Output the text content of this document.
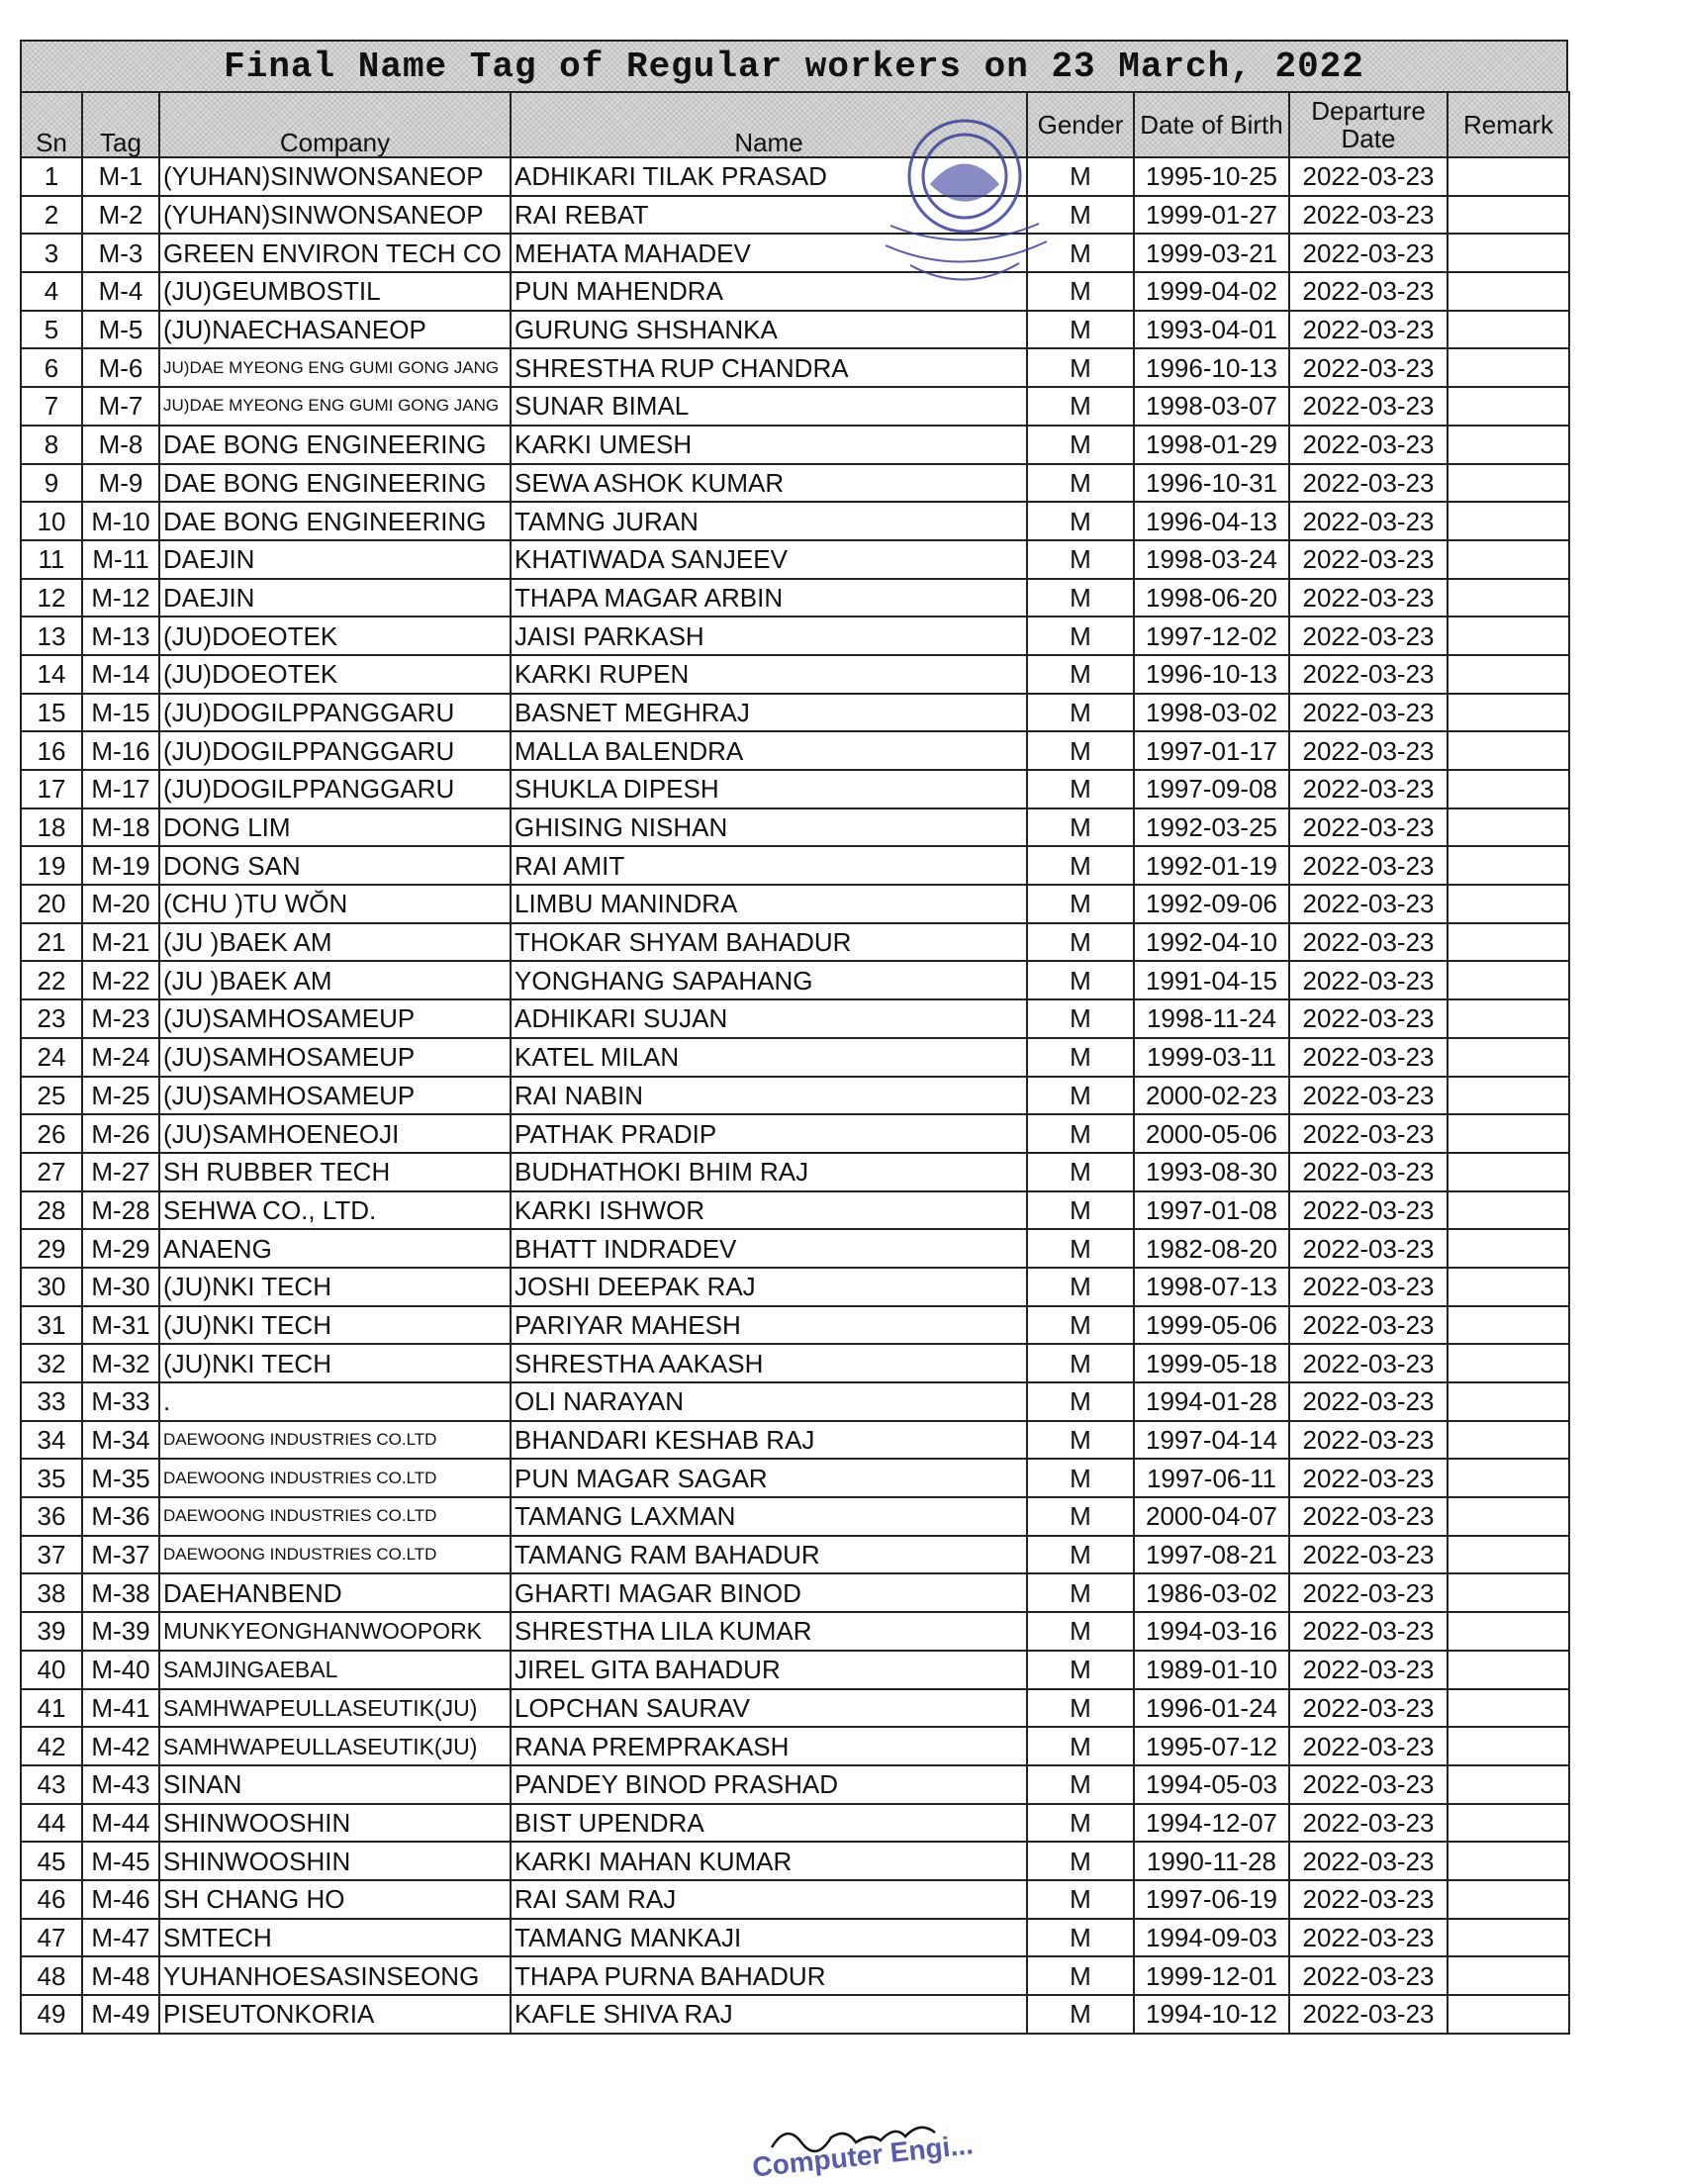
Final Name Tag of Regular workers on 23 March, 2022
Sn	Tag	Company	Name	Gender	Date of Birth	Departure Date	Remark
1	M-1	(YUHAN)SINWONSANEOP	ADHIKARI TILAK PRASAD	M	1995-10-25	2022-03-23	
2	M-2	(YUHAN)SINWONSANEOP	RAI REBAT	M	1999-01-27	2022-03-23	
3	M-3	GREEN ENVIRON TECH CO	MEHATA MAHADEV	M	1999-03-21	2022-03-23	
4	M-4	(JU)GEUMBOSTIL	PUN MAHENDRA	M	1999-04-02	2022-03-23	
5	M-5	(JU)NAECHASANEOP	GURUNG SHSHANKA	M	1993-04-01	2022-03-23	
6	M-6	JU)DAE MYEONG ENG GUMI GONG JANG	SHRESTHA RUP CHANDRA	M	1996-10-13	2022-03-23	
7	M-7	JU)DAE MYEONG ENG GUMI GONG JANG	SUNAR BIMAL	M	1998-03-07	2022-03-23	
8	M-8	DAE BONG ENGINEERING	KARKI UMESH	M	1998-01-29	2022-03-23	
9	M-9	DAE BONG ENGINEERING	SEWA ASHOK KUMAR	M	1996-10-31	2022-03-23	
10	M-10	DAE BONG ENGINEERING	TAMNG JURAN	M	1996-04-13	2022-03-23	
11	M-11	DAEJIN	KHATIWADA SANJEEV	M	1998-03-24	2022-03-23	
12	M-12	DAEJIN	THAPA MAGAR ARBIN	M	1998-06-20	2022-03-23	
13	M-13	(JU)DOEOTEK	JAISI PARKASH	M	1997-12-02	2022-03-23	
14	M-14	(JU)DOEOTEK	KARKI RUPEN	M	1996-10-13	2022-03-23	
15	M-15	(JU)DOGILPPANGGARU	BASNET MEGHRAJ	M	1998-03-02	2022-03-23	
16	M-16	(JU)DOGILPPANGGARU	MALLA BALENDRA	M	1997-01-17	2022-03-23	
17	M-17	(JU)DOGILPPANGGARU	SHUKLA DIPESH	M	1997-09-08	2022-03-23	
18	M-18	DONG LIM	GHISING NISHAN	M	1992-03-25	2022-03-23	
19	M-19	DONG SAN	RAI AMIT	M	1992-01-19	2022-03-23	
20	M-20	(CHU )TU WŎN	LIMBU MANINDRA	M	1992-09-06	2022-03-23	
21	M-21	(JU )BAEK AM	THOKAR SHYAM BAHADUR	M	1992-04-10	2022-03-23	
22	M-22	(JU )BAEK AM	YONGHANG SAPAHANG	M	1991-04-15	2022-03-23	
23	M-23	(JU)SAMHOSAMEUP	ADHIKARI SUJAN	M	1998-11-24	2022-03-23	
24	M-24	(JU)SAMHOSAMEUP	KATEL MILAN	M	1999-03-11	2022-03-23	
25	M-25	(JU)SAMHOSAMEUP	RAI NABIN	M	2000-02-23	2022-03-23	
26	M-26	(JU)SAMHOENEOJI	PATHAK PRADIP	M	2000-05-06	2022-03-23	
27	M-27	SH RUBBER TECH	BUDHATHOKI BHIM RAJ	M	1993-08-30	2022-03-23	
28	M-28	SEHWA CO., LTD.	KARKI ISHWOR	M	1997-01-08	2022-03-23	
29	M-29	ANAENG	BHATT INDRADEV	M	1982-08-20	2022-03-23	
30	M-30	(JU)NKI TECH	JOSHI DEEPAK RAJ	M	1998-07-13	2022-03-23	
31	M-31	(JU)NKI TECH	PARIYAR MAHESH	M	1999-05-06	2022-03-23	
32	M-32	(JU)NKI TECH	SHRESTHA AAKASH	M	1999-05-18	2022-03-23	
33	M-33	.	OLI NARAYAN	M	1994-01-28	2022-03-23	
34	M-34	DAEWOONG INDUSTRIES CO.LTD	BHANDARI KESHAB RAJ	M	1997-04-14	2022-03-23	
35	M-35	DAEWOONG INDUSTRIES CO.LTD	PUN MAGAR SAGAR	M	1997-06-11	2022-03-23	
36	M-36	DAEWOONG INDUSTRIES CO.LTD	TAMANG LAXMAN	M	2000-04-07	2022-03-23	
37	M-37	DAEWOONG INDUSTRIES CO.LTD	TAMANG RAM BAHADUR	M	1997-08-21	2022-03-23	
38	M-38	DAEHANBEND	GHARTI MAGAR BINOD	M	1986-03-02	2022-03-23	
39	M-39	MUNKYEONGHANWOOPORK	SHRESTHA LILA KUMAR	M	1994-03-16	2022-03-23	
40	M-40	SAMJINGAEBAL	JIREL GITA BAHADUR	M	1989-01-10	2022-03-23	
41	M-41	SAMHWAPEULLASEUTIK(JU)	LOPCHAN SAURAV	M	1996-01-24	2022-03-23	
42	M-42	SAMHWAPEULLASEUTIK(JU)	RANA PREMPRAKASH	M	1995-07-12	2022-03-23	
43	M-43	SINAN	PANDEY BINOD PRASHAD	M	1994-05-03	2022-03-23	
44	M-44	SHINWOOSHIN	BIST UPENDRA	M	1994-12-07	2022-03-23	
45	M-45	SHINWOOSHIN	KARKI MAHAN KUMAR	M	1990-11-28	2022-03-23	
46	M-46	SH CHANG HO	RAI SAM RAJ	M	1997-06-19	2022-03-23	
47	M-47	SMTECH	TAMANG MANKAJI	M	1994-09-03	2022-03-23	
48	M-48	YUHANHOESASINSEONG	THAPA PURNA BAHADUR	M	1999-12-01	2022-03-23	
49	M-49	PISEUTONKORIA	KAFLE SHIVA RAJ	M	1994-10-12	2022-03-23	
Computer Engi...
